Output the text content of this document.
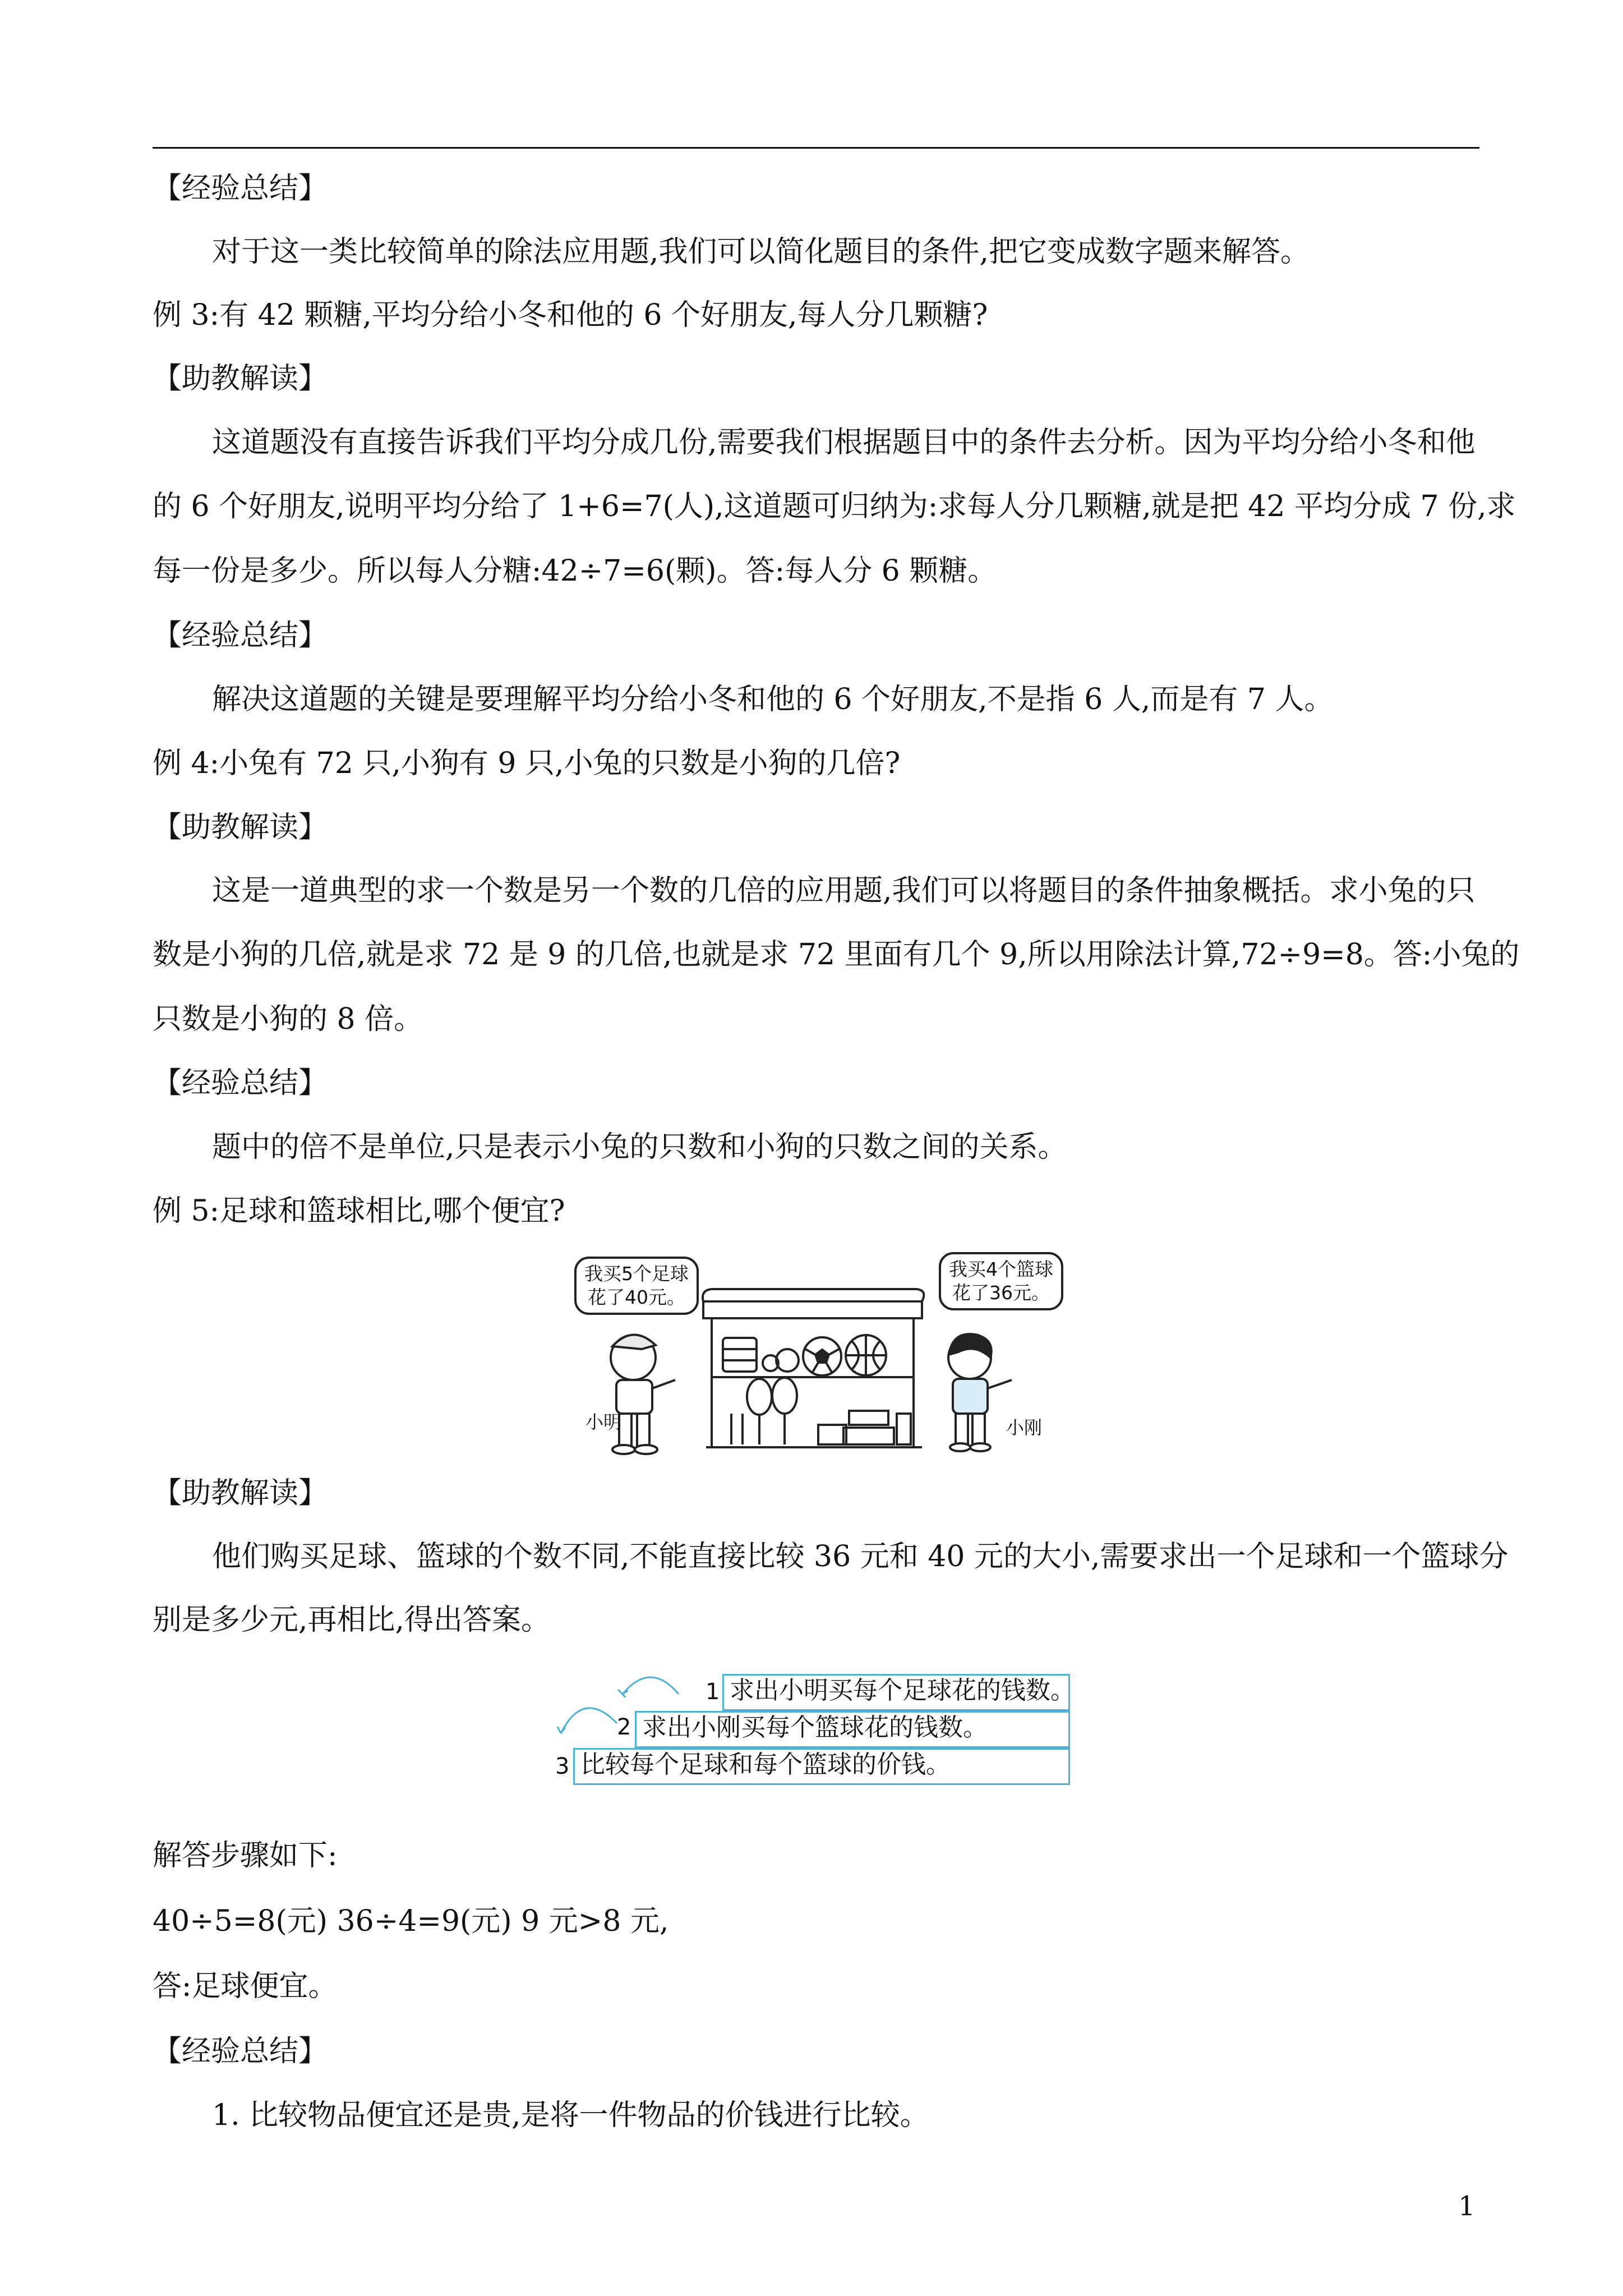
【经验总结】
对于这一类比较简单的除法应用题,我们可以简化题目的条件,把它变成数字题来解答。
例 3:有 42 颗糖,平均分给小冬和他的 6 个好朋友,每人分几颗糖?
【助教解读】
这道题没有直接告诉我们平均分成几份,需要我们根据题目中的条件去分析。因为平均分给小冬和他
的 6 个好朋友,说明平均分给了 1+6=7(人),这道题可归纳为:求每人分几颗糖,就是把 42 平均分成 7 份,求
每一份是多少。所以每人分糖:42÷7=6(颗)。答:每人分 6 颗糖。
【经验总结】
解决这道题的关键是要理解平均分给小冬和他的 6 个好朋友,不是指 6 人,而是有 7 人。
例 4:小兔有 72 只,小狗有 9 只,小兔的只数是小狗的几倍?
【助教解读】
这是一道典型的求一个数是另一个数的几倍的应用题,我们可以将题目的条件抽象概括。求小兔的只
数是小狗的几倍,就是求 72 是 9 的几倍,也就是求 72 里面有几个 9,所以用除法计算,72÷9=8。答:小兔的
只数是小狗的 8 倍。
【经验总结】
题中的倍不是单位,只是表示小兔的只数和小狗的只数之间的关系。
例 5:足球和篮球相比,哪个便宜?
我买5个足球
花了40元。
我买4个篮球
花了36元。
小明	小刚
【助教解读】
他们购买足球、篮球的个数不同,不能直接比较 36 元和 40 元的大小,需要求出一个足球和一个篮球分
别是多少元,再相比,得出答案。
1 求出小明买每个足球花的钱数。
2 求出小刚买每个篮球花的钱数。
3 比较每个足球和每个篮球的价钱。
解答步骤如下:
40÷5=8(元) 36÷4=9(元) 9 元>8 元,
答:足球便宜。
【经验总结】
1. 比较物品便宜还是贵,是将一件物品的价钱进行比较。
1
